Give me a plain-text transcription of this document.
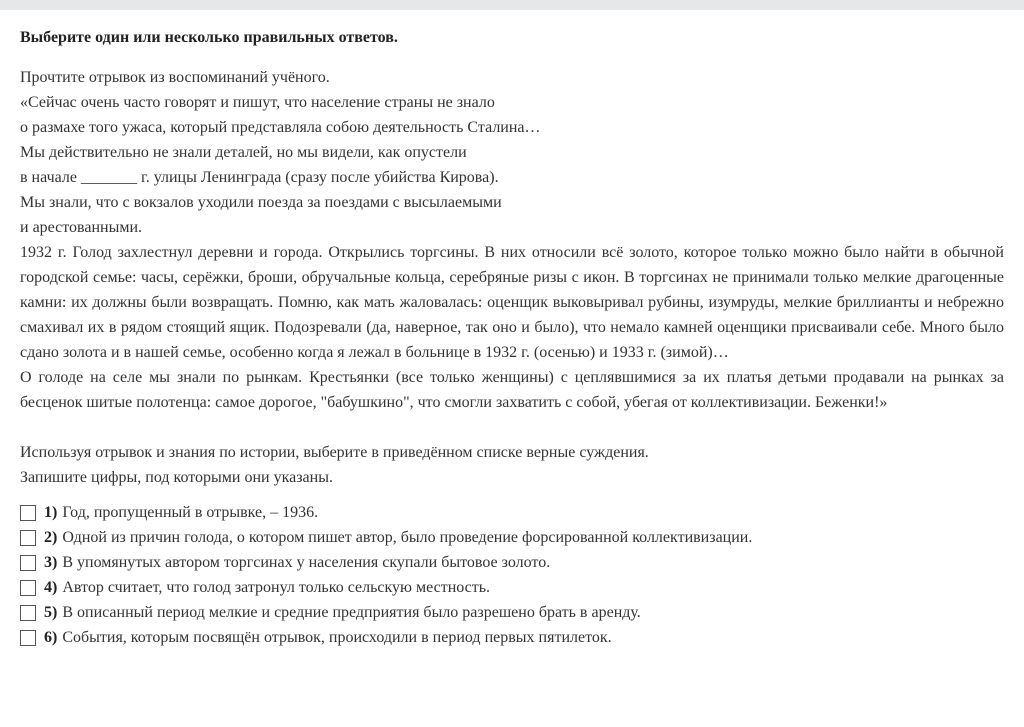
Выберите один или несколько правильных ответов.

Прочтите отрывок из воспоминаний учёного.
«Сейчас очень часто говорят и пишут, что население страны не знало
о размахе того ужаса, который представляла собою деятельность Сталина…
Мы действительно не знали деталей, но мы видели, как опустели
в начале _______ г. улицы Ленинграда (сразу после убийства Кирова).
Мы знали, что с вокзалов уходили поезда за поездами с высылаемыми
и арестованными.
1932 г. Голод захлестнул деревни и города. Открылись торгсины. В них относили всё золото, которое только можно было найти в обычной городской семье: часы, серёжки, броши, обручальные кольца, серебряные ризы с икон. В торгсинах не принимали только мелкие драгоценные камни: их должны были возвращать. Помню, как мать жаловалась: оценщик выковыривал рубины, изумруды, мелкие бриллианты и небрежно смахивал их в рядом стоящий ящик. Подозревали (да, наверное, так оно и было), что немало камней оценщики присваивали себе. Много было сдано золота и в нашей семье, особенно когда я лежал в больнице в 1932 г. (осенью) и 1933 г. (зимой)…
О голоде на селе мы знали по рынкам. Крестьянки (все только женщины) с цеплявшимися за их платья детьми продавали на рынках за бесценок шитые полотенца: самое дорогое, "бабушкино", что смогли захватить с собой, убегая от коллективизации. Беженки!»
Используя отрывок и знания по истории, выберите в приведённом списке верные суждения.
Запишите цифры, под которыми они указаны.
1) Год, пропущенный в отрывке, – 1936.
2) Одной из причин голода, о котором пишет автор, было проведение форсированной коллективизации.
3) В упомянутых автором торгсинах у населения скупали бытовое золото.
4) Автор считает, что голод затронул только сельскую местность.
5) В описанный период мелкие и средние предприятия было разрешено брать в аренду.
6) События, которым посвящён отрывок, происходили в период первых пятилеток.
